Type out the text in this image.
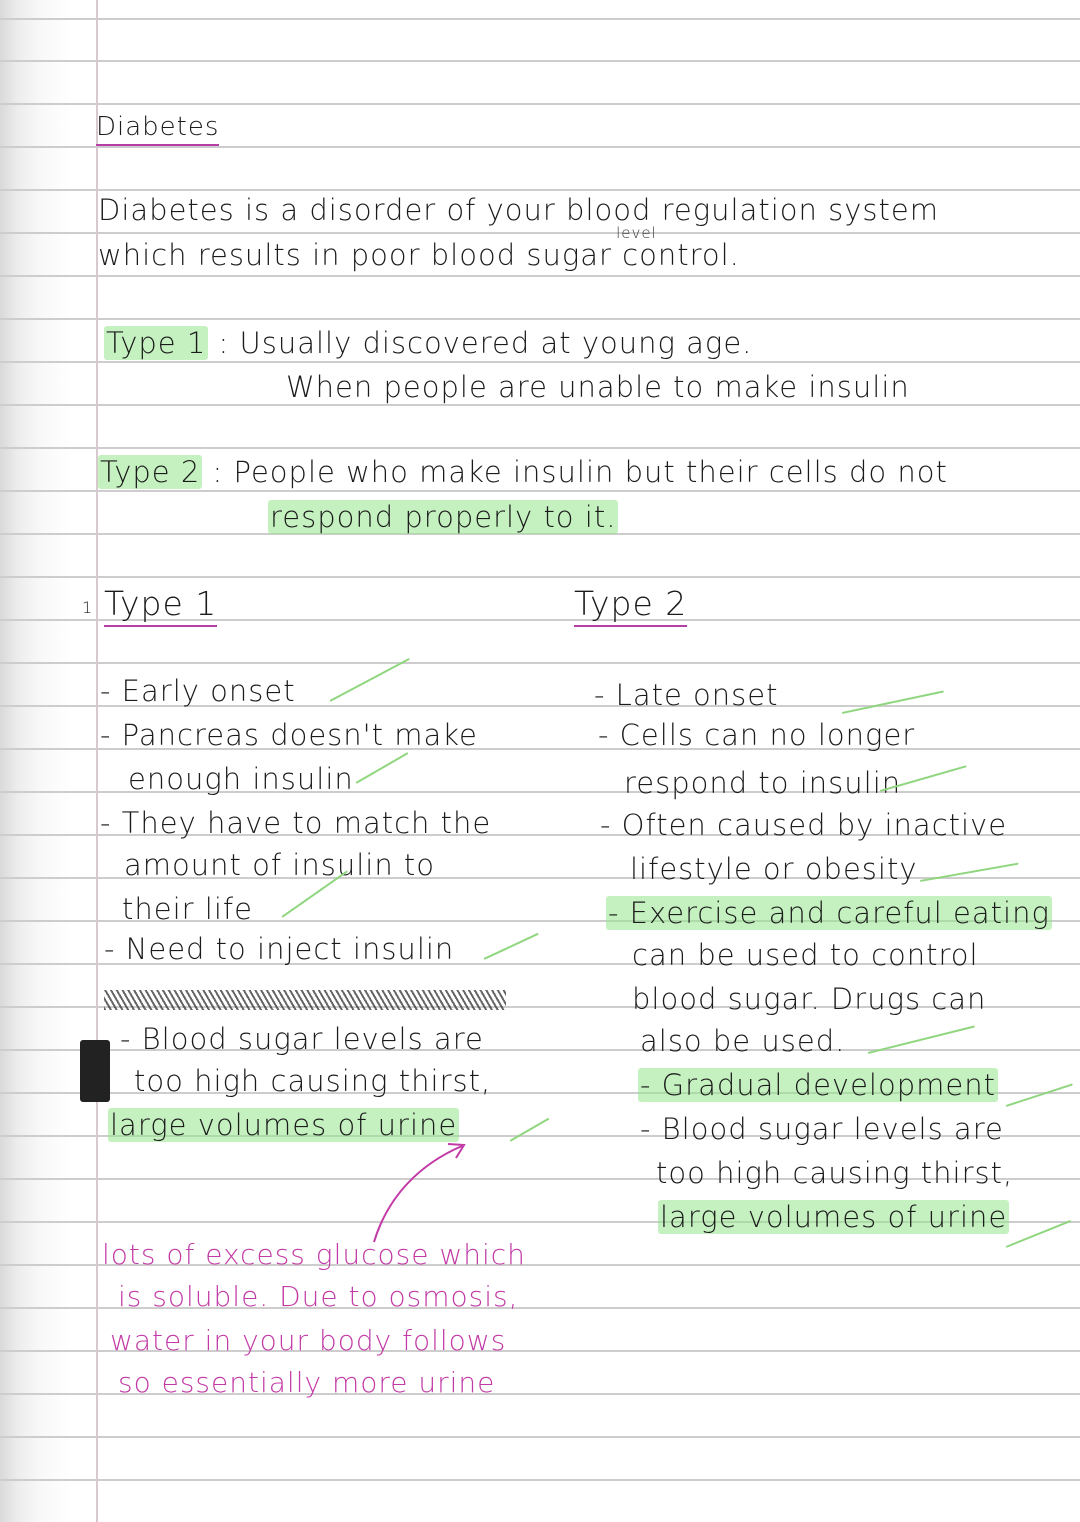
Diabetes
Diabetes is a disorder of your blood regulation system
which results in poor blood sugar
level
control.
Type 1 : Usually discovered at young age.
When people are unable to make insulin
Type 2 : People who make insulin but their cells do not
respond properly to it.
Type 1
1	Type 2
- Early onset
- Pancreas doesn't make
enough insulin
- They have to match the
amount of insulin to
their life
- Need to inject insulin
- Blood sugar levels are
too high causing thirst,
large volumes of urine
- Late onset
- Cells can no longer
respond to insulin
- Often caused by inactive
lifestyle or obesity
- Exercise and careful eating
can be used to control
blood sugar. Drugs can
also be used.
- Gradual development
- Blood sugar levels are
too high causing thirst,
large volumes of urine
lots of excess glucose which
is soluble. Due to osmosis,
water in your body follows
so essentially more urine
